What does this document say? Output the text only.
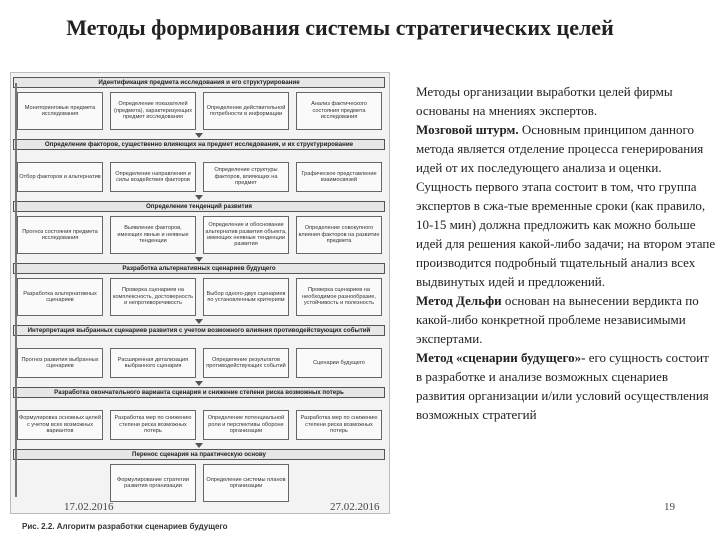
Методы формирования системы стратегических целей
Идентификация предмета исследования и его структурирование
Мониторинговые предмета исследования
Определение показателей (предмета), характеризующих предмет исследования
Определение действительной потребности в информации
Анализ фактического состояния предмета исследования
Определение факторов, существенно влияющих на предмет исследования, и их структурирование
Отбор факторов и альтернатив
Определение направления и силы воздействия факторов
Определение структуры факторов, влияющих на предмет
Графическое представление взаимосвязей
Определение тенденций развития
Прогноз состояния предмета исследования
Выявление факторов, имеющих явные и неявные тенденции
Определение и обоснование альтернатив развития объекта, имеющих неявные тенденции развития
Определение совокупного влияния факторов на развитие предмета
Разработка альтернативных сценариев будущего
Разработка альтернативных сценариев
Проверка сценариев на комплексность, достоверность и непротиворечивость
Выбор одного-двух сценариев по установленным критериям
Проверка сценариев на необходимое разнообразие, устойчивость и полезность
Интерпретация выбранных сценариев развития с учетом возможного влияния противодействующих событий
Прогноз развития выбранных сценариев
Расширенная детализация выбранного сценария
Определение результатов противодействующих событий
Сценарии будущего
Разработка окончательного варианта сценария и снижение степени риска возможных потерь
Формулировка основных целей с учетом всех возможных вариантов
Разработка мер по снижению степени риска возможных потерь
Определение потенциальной роли и перспективы обороне организации
Разработка мер по снижению степени риска возможных потерь
Перенос сценария на практическую основу
Формулирование стратегии развития организации
Определение системы планов организации
Рис. 2.2. Алгоритм разработки сценариев будущего
17.02.2016	27.02.2016

Методы организации выработки целей фирмы основаны на мнениях экспертов.

Мозговой штурм. Основным принципом данного метода является отделение процесса генерирования идей от их последующего анализа и оценки. Сущность первого этапа состоит в том, что группа экспертов в сжа-тые временные сроки (как правило, 10-15 мин) должна предложить как можно больше идей для решения какой-либо задачи; на втором этапе производится подробный тщательный анализ всех выдвинутых идей и предложений.

Метод Дельфи основан на вынесении вердикта по какой-либо конкретной проблеме независимыми экспертами.

Метод «сценарии будущего»- его сущность состоит в разработке и анализе возможных сценариев развития организации и/или условий осуществления возможных стратегий

19
